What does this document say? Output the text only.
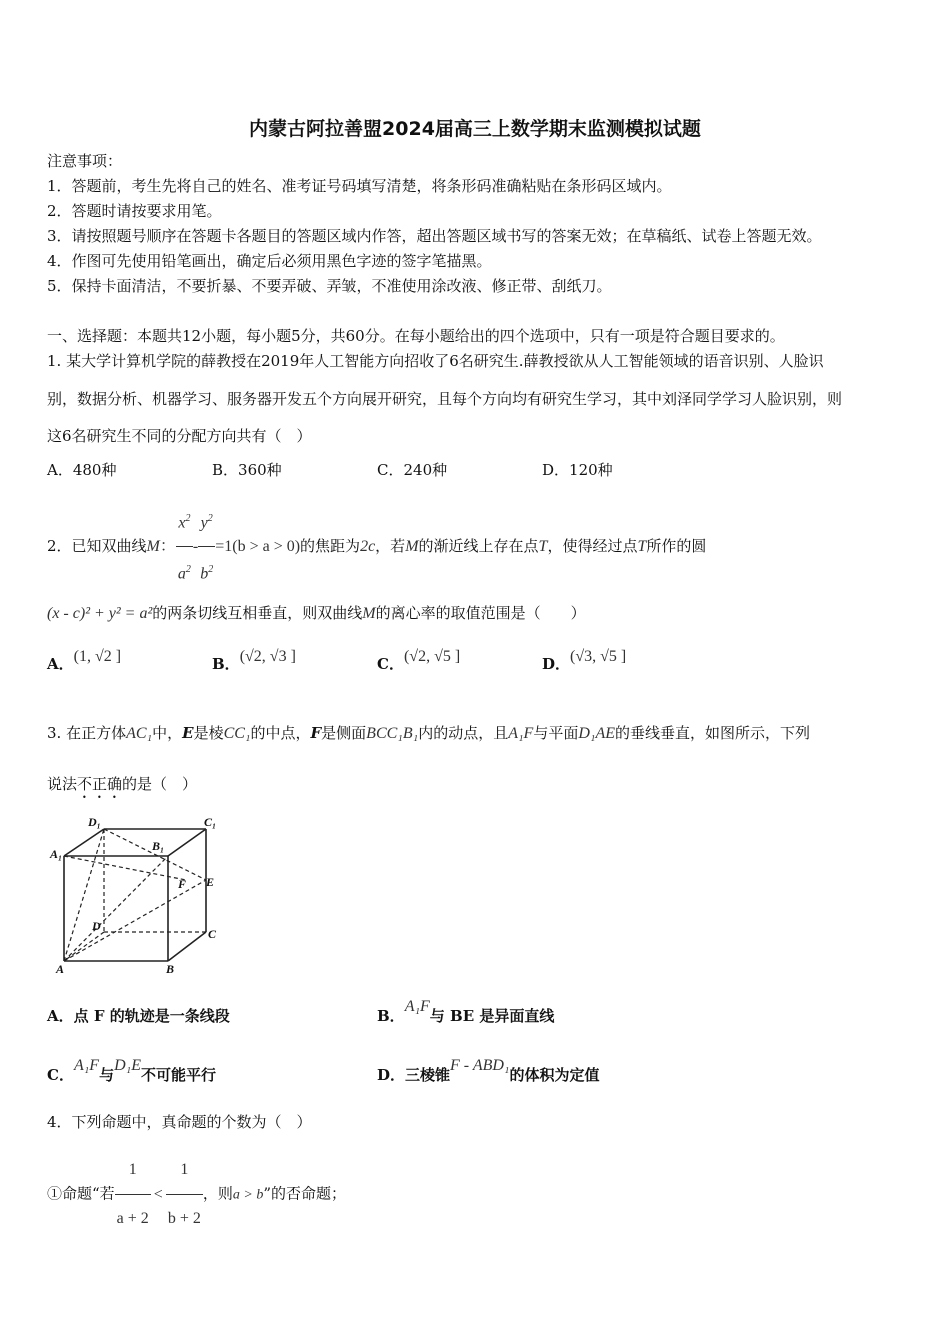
内蒙古阿拉善盟2024届高三上数学期末监测模拟试题
注意事项：
1．答题前，考生先将自己的姓名、准考证号码填写清楚，将条形码准确粘贴在条形码区域内。
2．答题时请按要求用笔。
3．请按照题号顺序在答题卡各题目的答题区域内作答，超出答题区域书写的答案无效；在草稿纸、试卷上答题无效。
4．作图可先使用铅笔画出，确定后必须用黑色字迹的签字笔描黑。
5．保持卡面清洁，不要折暴、不要弄破、弄皱，不准使用涂改液、修正带、刮纸刀。
一、选择题：本题共12小题，每小题5分，共60分。在每小题给出的四个选项中，只有一项是符合题目要求的。
1. 某大学计算机学院的薛教授在2019年人工智能方向招收了6名研究生.薛教授欲从人工智能领域的语音识别、人脸识
别，数据分析、机器学习、服务器开发五个方向展开研究，且每个方向均有研究生学习，其中刘泽同学学习人脸识别，则
这6名研究生不同的分配方向共有（　）
A．480种	B．360种	C．240种	D．120种
2．已知双曲线M： $\frac{x^2}{a^2} - \frac{y^2}{b^2} =1(b > a > 0)$的焦距为2c，若M的渐近线上存在点T，使得经过点T所作的圆
(x - c)² + y² = a²的两条切线互相垂直，则双曲线M的离心率的取值范围是（　　）
A．(1, √2 ]	B．(√2, √3 ]	C．(√2, √5 ]	D．(√3, √5 ]
3. 在正方体AC₁中，E是棱CC₁的中点，F是侧面BCC₁B₁内的动点，且A₁F与平面D₁AE的垂线垂直，如图所示，下列
说法不正确的是（　）
D₁	C₁
B₁
A₁
F E
D
C
A	B
A．点 F 的轨迹是一条线段	B．A₁F与 BE 是异面直线
C．A₁F与D₁E不可能平行	D．三棱锥F - ABD₁的体积为定值
4．下列命题中，真命题的个数为（　）
①命题“若 $\frac{1}{a + 2} < \frac{1}{b + 2}$ ，则a > b”的否命题；
